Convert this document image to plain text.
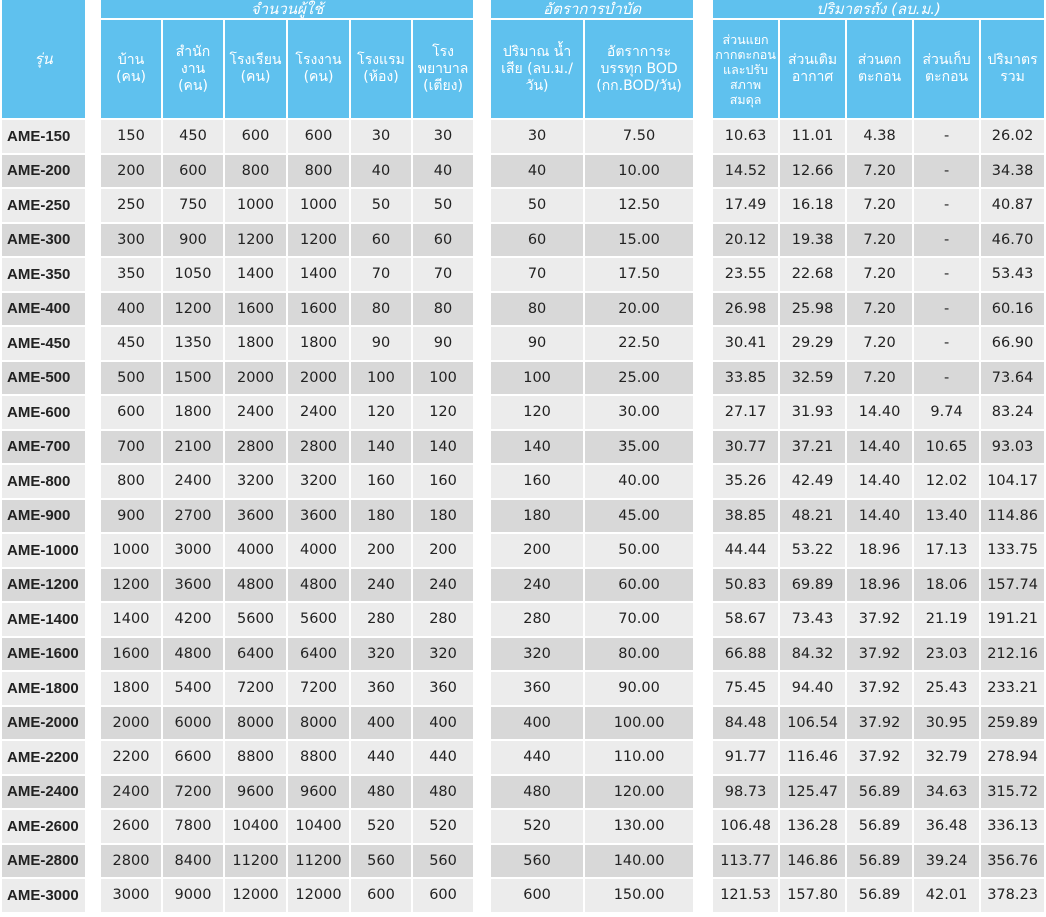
รุ่น		จำนวนผู้ใช้							อัตราการบำบัด			ปริมาตรถัง (ลบ.ม.)				
		บ้าน (คน)	สำนัก งาน (คน)	โรงเรียน (คน)	โรงงาน (คน)	โรงแรม (ห้อง)	โรง พยาบาล (เตียง)		ปริมาณ น้ำเสีย (ลบ.ม./วัน)	อัตราการะ บรรทุก BOD (กก.BOD/วัน)		ส่วนแยก กากตะกอน และปรับ สภาพ สมดุล	ส่วนเติม อากาศ	ส่วนตก ตะกอน	ส่วนเก็บ ตะกอน	ปริมาตร รวม
AME-150		150	450	600	600	30	30		30	7.50		10.63	11.01	4.38	-	26.02
AME-200		200	600	800	800	40	40		40	10.00		14.52	12.66	7.20	-	34.38
AME-250		250	750	1000	1000	50	50		50	12.50		17.49	16.18	7.20	-	40.87
AME-300		300	900	1200	1200	60	60		60	15.00		20.12	19.38	7.20	-	46.70
AME-350		350	1050	1400	1400	70	70		70	17.50		23.55	22.68	7.20	-	53.43
AME-400		400	1200	1600	1600	80	80		80	20.00		26.98	25.98	7.20	-	60.16
AME-450		450	1350	1800	1800	90	90		90	22.50		30.41	29.29	7.20	-	66.90
AME-500		500	1500	2000	2000	100	100		100	25.00		33.85	32.59	7.20	-	73.64
AME-600		600	1800	2400	2400	120	120		120	30.00		27.17	31.93	14.40	9.74	83.24
AME-700		700	2100	2800	2800	140	140		140	35.00		30.77	37.21	14.40	10.65	93.03
AME-800		800	2400	3200	3200	160	160		160	40.00		35.26	42.49	14.40	12.02	104.17
AME-900		900	2700	3600	3600	180	180		180	45.00		38.85	48.21	14.40	13.40	114.86
AME-1000		1000	3000	4000	4000	200	200		200	50.00		44.44	53.22	18.96	17.13	133.75
AME-1200		1200	3600	4800	4800	240	240		240	60.00		50.83	69.89	18.96	18.06	157.74
AME-1400		1400	4200	5600	5600	280	280		280	70.00		58.67	73.43	37.92	21.19	191.21
AME-1600		1600	4800	6400	6400	320	320		320	80.00		66.88	84.32	37.92	23.03	212.16
AME-1800		1800	5400	7200	7200	360	360		360	90.00		75.45	94.40	37.92	25.43	233.21
AME-2000		2000	6000	8000	8000	400	400		400	100.00		84.48	106.54	37.92	30.95	259.89
AME-2200		2200	6600	8800	8800	440	440		440	110.00		91.77	116.46	37.92	32.79	278.94
AME-2400		2400	7200	9600	9600	480	480		480	120.00		98.73	125.47	56.89	34.63	315.72
AME-2600		2600	7800	10400	10400	520	520		520	130.00		106.48	136.28	56.89	36.48	336.13
AME-2800		2800	8400	11200	11200	560	560		560	140.00		113.77	146.86	56.89	39.24	356.76
AME-3000		3000	9000	12000	12000	600	600		600	150.00		121.53	157.80	56.89	42.01	378.23
